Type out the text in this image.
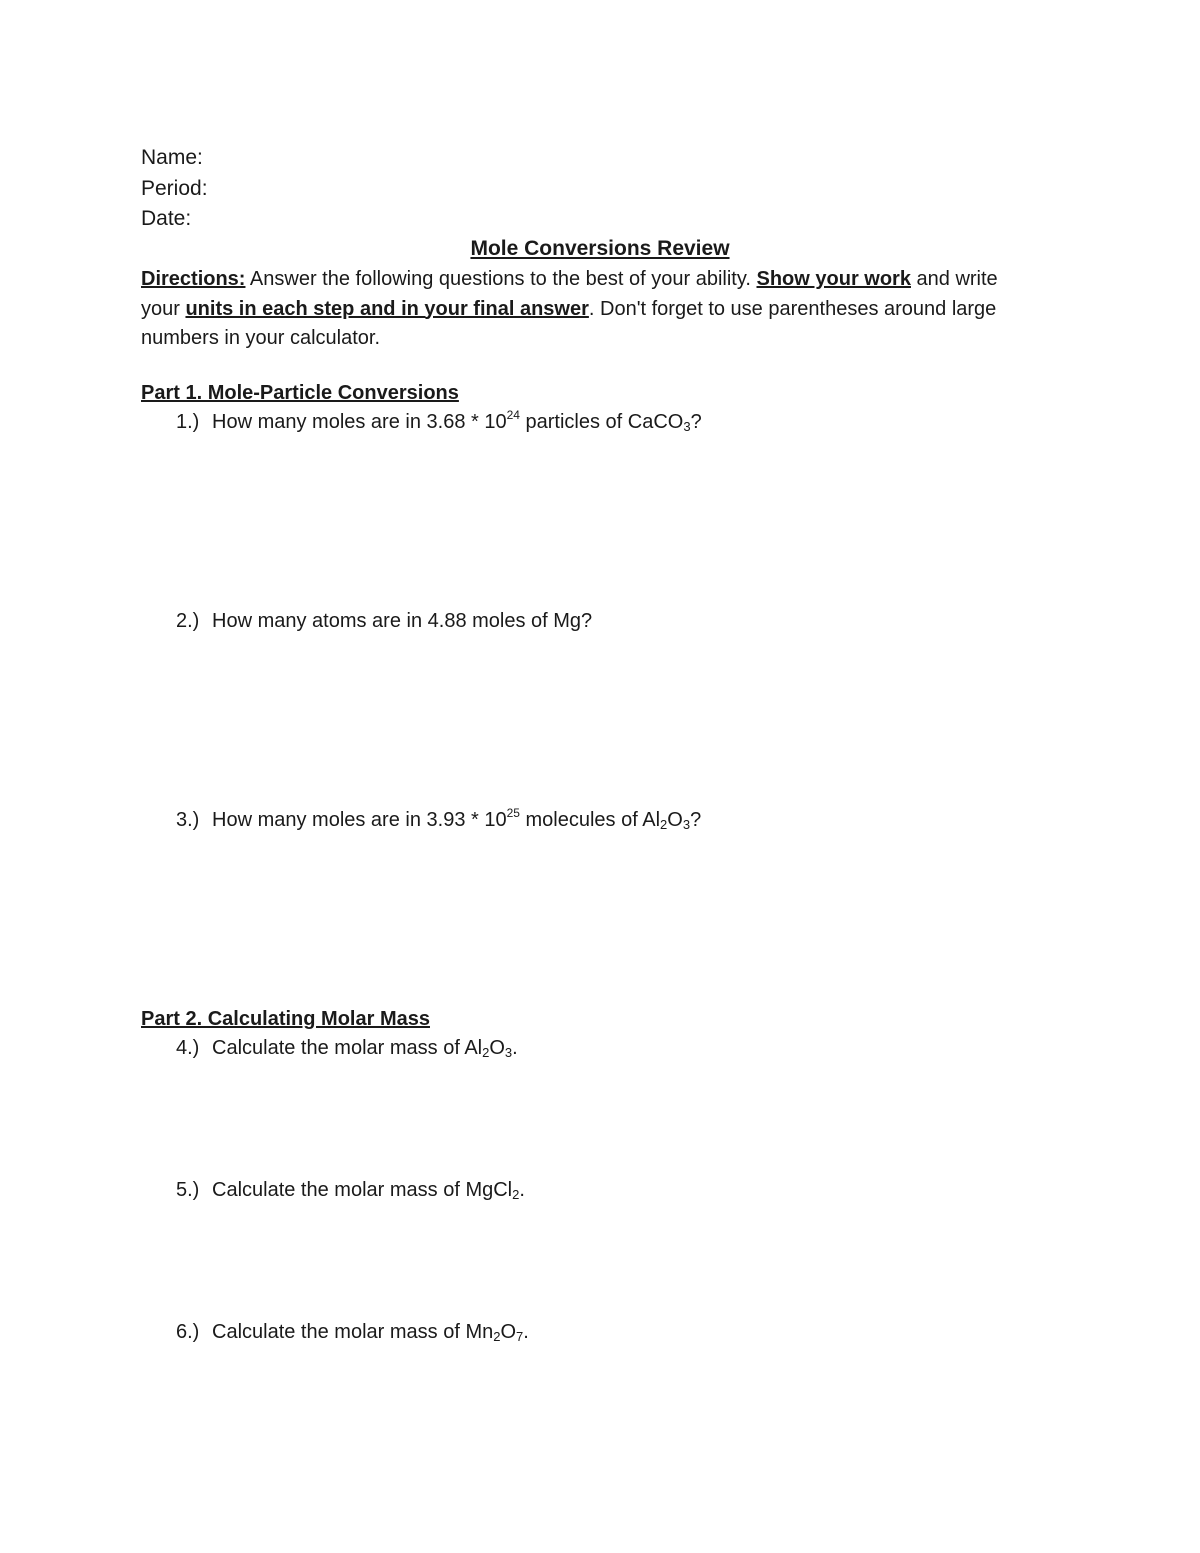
Name:
Period:
Date:
Mole Conversions Review
Directions: Answer the following questions to the best of your ability. Show your work and write your units in each step and in your final answer. Don't forget to use parentheses around large numbers in your calculator.
Part 1. Mole-Particle Conversions
1.) How many moles are in $3.68 * 10^{24}$ particles of CaCO$_3$?
2.) How many atoms are in 4.88 moles of Mg?
3.) How many moles are in $3.93 * 10^{25}$ molecules of $Al_2O_3$?
Part 2. Calculating Molar Mass
4.) Calculate the molar mass of $Al_2O_3$.
5.) Calculate the molar mass of MgCl$_2$.
6.) Calculate the molar mass of $Mn_2O_7$.
